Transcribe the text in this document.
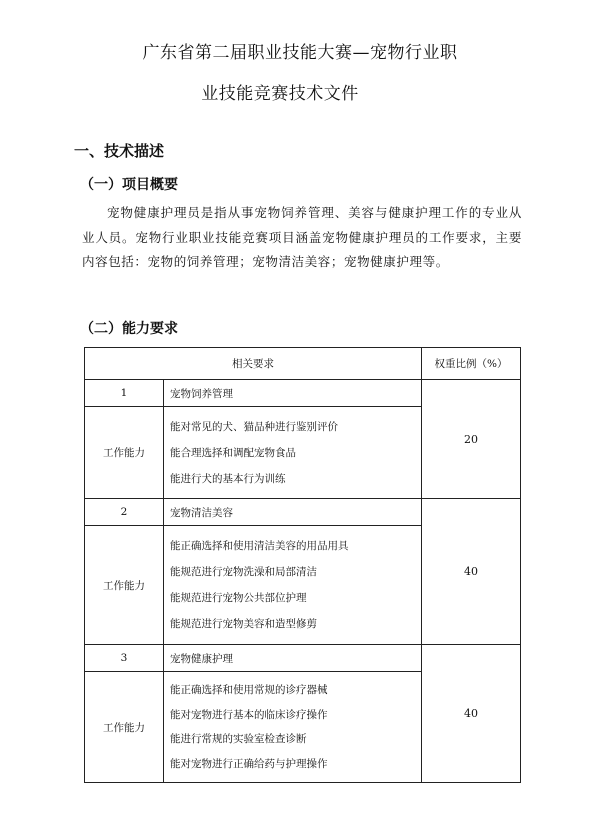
广东省第二届职业技能大赛—宠物行业职
业技能竞赛技术文件
一、技术描述
（一）项目概要

宠物健康护理员是指从事宠物饲养管理、美容与健康护理工作的专业从业人员。宠物行业职业技能竞赛项目涵盖宠物健康护理员的工作要求，主要内容包括：宠物的饲养管理；宠物清洁美容；宠物健康护理等。

（二）能力要求
相关要求		权重比例（%）
1	宠物饲养管理	20
工作能力	能对常见的犬、猫品种进行鉴别评价
能合理选择和调配宠物食品
能进行犬的基本行为训练	

2	宠物清洁美容	40
工作能力	能正确选择和使用清洁美容的用品用具
能规范进行宠物洗澡和局部清洁
能规范进行宠物公共部位护理
能规范进行宠物美容和造型修剪	

3	宠物健康护理	40
工作能力	能正确选择和使用常规的诊疗器械
能对宠物进行基本的临床诊疗操作
能进行常规的实验室检查诊断
能对宠物进行正确给药与护理操作	
